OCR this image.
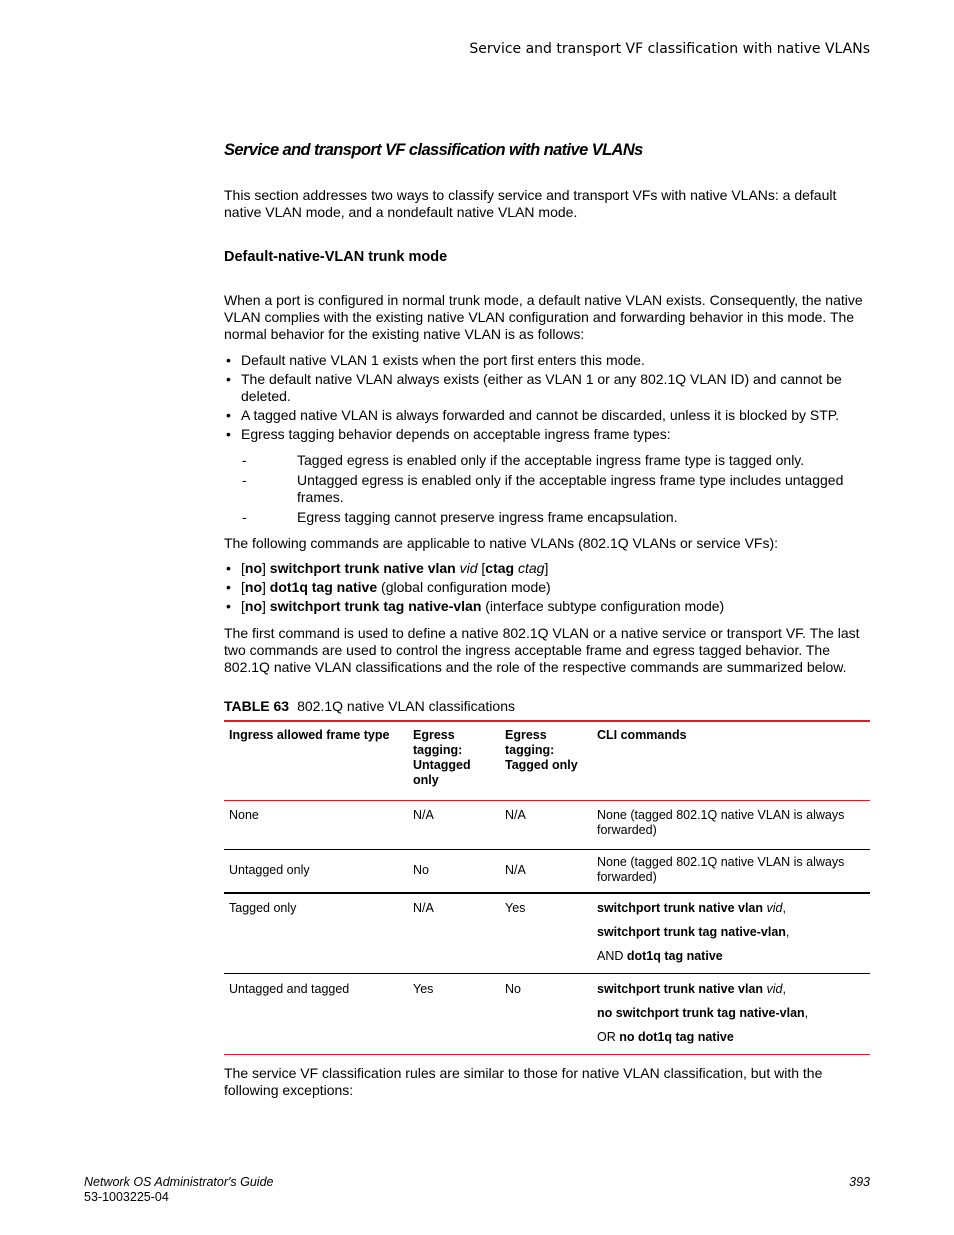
Service and transport VF classification with native VLANs
Service and transport VF classification with native VLANs
This section addresses two ways to classify service and transport VFs with native VLANs: a default native VLAN mode, and a nondefault native VLAN mode.
Default-native-VLAN trunk mode
When a port is configured in normal trunk mode, a default native VLAN exists. Consequently, the native VLAN complies with the existing native VLAN configuration and forwarding behavior in this mode. The normal behavior for the existing native VLAN is as follows:
• Default native VLAN 1 exists when the port first enters this mode.
• The default native VLAN always exists (either as VLAN 1 or any 802.1Q VLAN ID) and cannot be deleted.
• A tagged native VLAN is always forwarded and cannot be discarded, unless it is blocked by STP.
• Egress tagging behavior depends on acceptable ingress frame types:
-	Tagged egress is enabled only if the acceptable ingress frame type is tagged only.
-	Untagged egress is enabled only if the acceptable ingress frame type includes untagged frames.
-	Egress tagging cannot preserve ingress frame encapsulation.
The following commands are applicable to native VLANs (802.1Q VLANs or service VFs):
• [no] switchport trunk native vlan vid [ctag ctag]
• [no] dot1q tag native (global configuration mode)
• [no] switchport trunk tag native-vlan (interface subtype configuration mode)
The first command is used to define a native 802.1Q VLAN or a native service or transport VF. The last two commands are used to control the ingress acceptable frame and egress tagged behavior. The 802.1Q native VLAN classifications and the role of the respective commands are summarized below.
TABLE 63 802.1Q native VLAN classifications
Ingress allowed frame type	Egress tagging: Untagged only	Egress tagging: Tagged only	CLI commands
None	N/A	N/A	None (tagged 802.1Q native VLAN is always forwarded)
Untagged only	No	N/A	None (tagged 802.1Q native VLAN is always forwarded)
Tagged only	N/A	Yes	switchport trunk native vlan vid,
switchport trunk tag native-vlan,
AND dot1q tag native

Untagged and tagged	Yes	No	switchport trunk native vlan vid,
no switchport trunk tag native-vlan,
OR no dot1q tag native
The service VF classification rules are similar to those for native VLAN classification, but with the following exceptions:
Network OS Administrator's Guide
53-1003225-04
393
